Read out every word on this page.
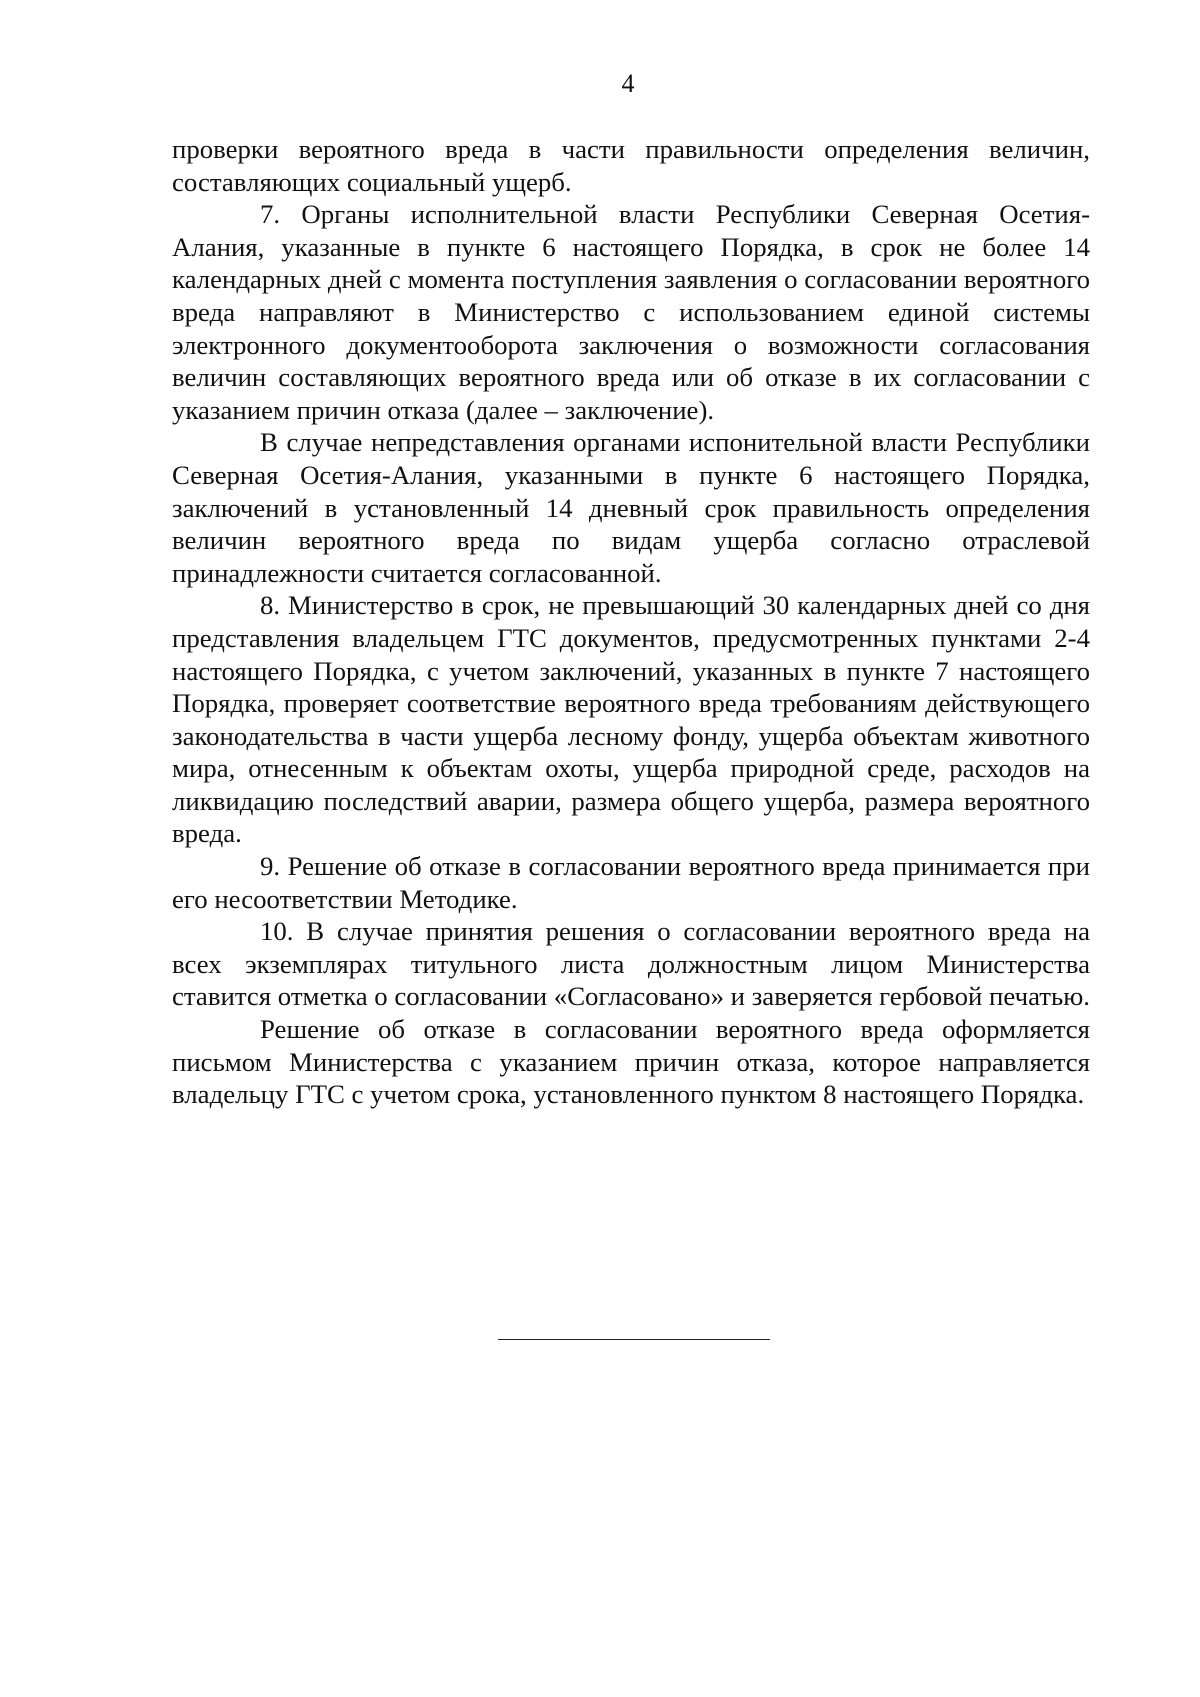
4

проверки вероятного вреда в части правильности определения величин, составляющих социальный ущерб.

7. Органы исполнительной власти Республики Северная Осетия-Алания, указанные в пункте 6 настоящего Порядка, в срок не более 14 календарных дней с момента поступления заявления о согласовании вероятного вреда направляют в Министерство с использованием единой системы электронного документооборота заключения о возможности согласования величин составляющих вероятного вреда или об отказе в их согласовании с указанием причин отказа (далее – заключение).

В случае непредставления органами испонительной власти Республики Северная Осетия-Алания, указанными в пункте 6 настоящего Порядка, заключений в установленный 14 дневный срок правильность определения величин вероятного вреда по видам ущерба согласно отраслевой принадлежности считается согласованной.

8. Министерство в срок, не превышающий 30 календарных дней со дня представления владельцем ГТС документов, предусмотренных пунктами 2-4 настоящего Порядка, с учетом заключений, указанных в пункте 7 настоящего Порядка, проверяет соответствие вероятного вреда требованиям действующего законодательства в части ущерба лесному фонду, ущерба объектам животного мира, отнесенным к объектам охоты, ущерба природной среде, расходов на ликвидацию последствий аварии, размера общего ущерба, размера вероятного вреда.

9. Решение об отказе в согласовании вероятного вреда принимается при его несоответствии Методике.

10. В случае принятия решения о согласовании вероятного вреда на всех экземплярах титульного листа должностным лицом Министерства ставится отметка о согласовании «Согласовано» и заверяется гербовой печатью.

Решение об отказе в согласовании вероятного вреда оформляется письмом Министерства с указанием причин отказа, которое направляется владельцу ГТС с учетом срока, установленного пунктом 8 настоящего Порядка.
